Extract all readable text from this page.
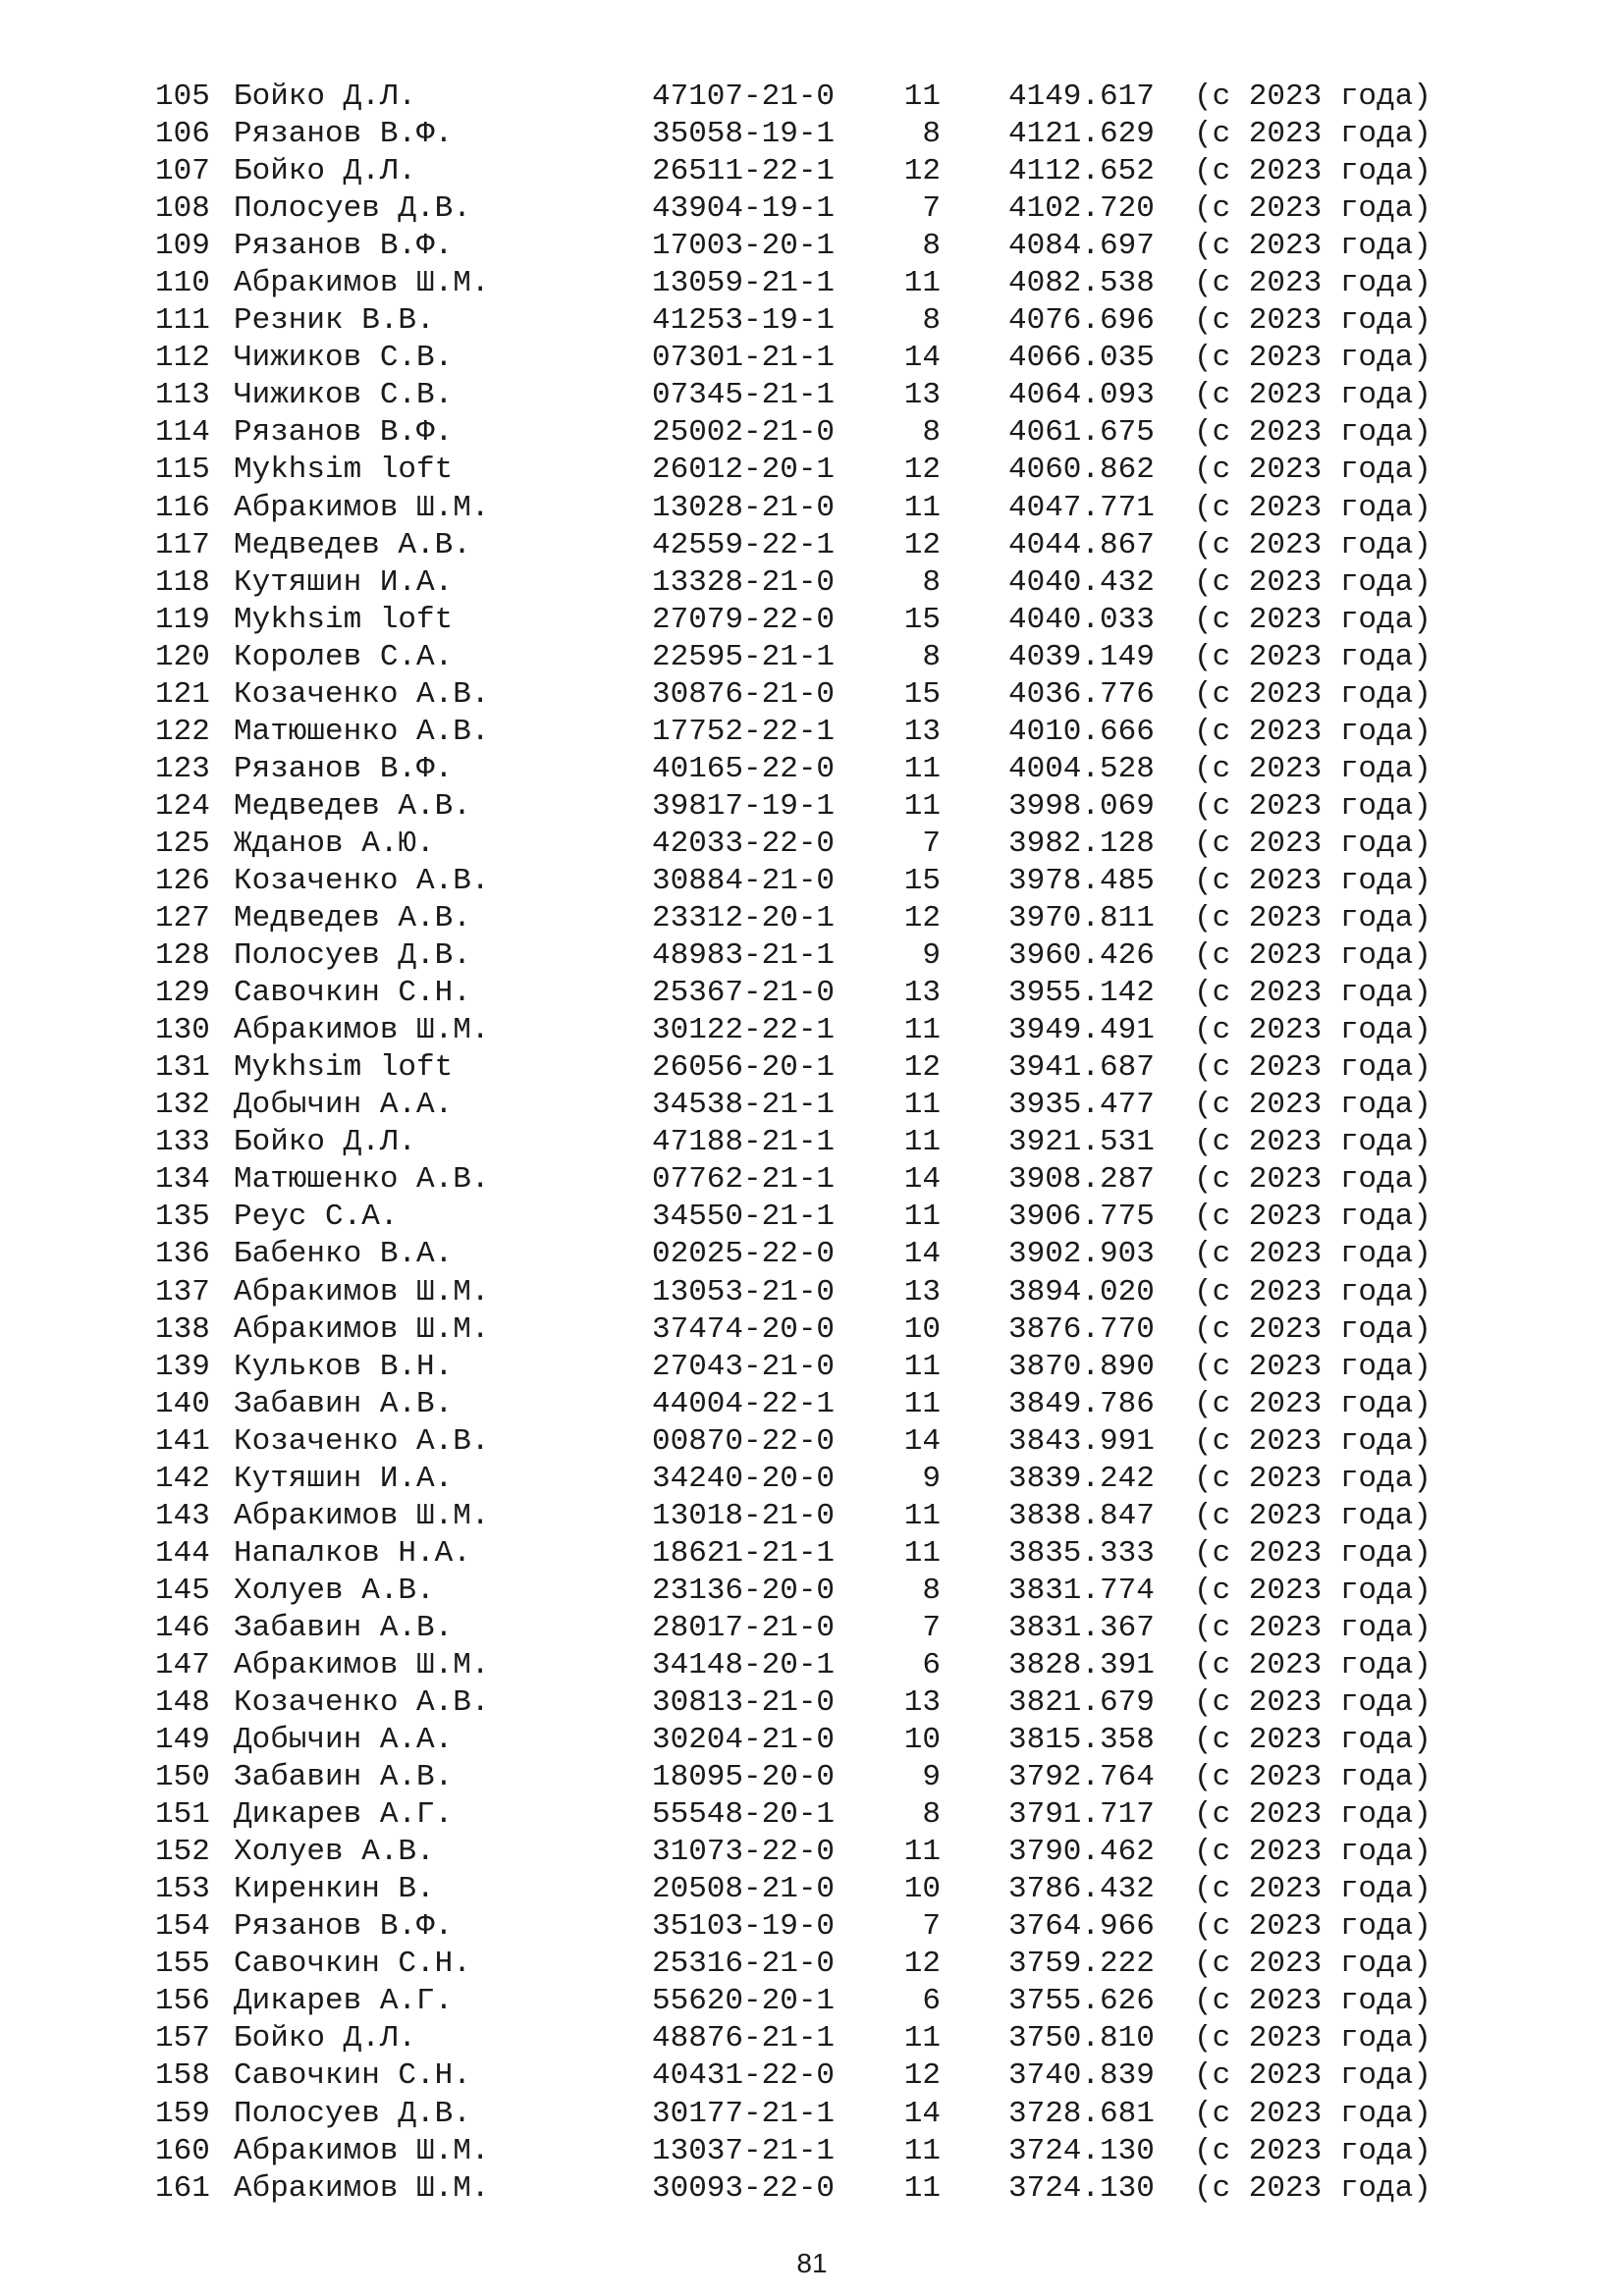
105 Бойко Д.Л.	47107-21-0	11 4149.617	(с 2023 года)
106 Рязанов В.Ф.	35058-19-1	8 4121.629	(с 2023 года)
107 Бойко Д.Л.	26511-22-1	12 4112.652	(с 2023 года)
108 Полосуев Д.В.	43904-19-1	7 4102.720	(с 2023 года)
109 Рязанов В.Ф.	17003-20-1	8 4084.697	(с 2023 года)
110 Абракимов Ш.М.	13059-21-1	11 4082.538	(с 2023 года)
111 Резник В.В.	41253-19-1	8 4076.696	(с 2023 года)
112 Чижиков С.В.	07301-21-1	14 4066.035	(с 2023 года)
113 Чижиков С.В.	07345-21-1	13 4064.093	(с 2023 года)
114 Рязанов В.Ф.	25002-21-0	8 4061.675	(с 2023 года)
115 Mykhsim loft	26012-20-1	12 4060.862	(с 2023 года)
116 Абракимов Ш.М.	13028-21-0	11 4047.771	(с 2023 года)
117 Медведев А.В.	42559-22-1	12 4044.867	(с 2023 года)
118 Кутяшин И.А.	13328-21-0	8 4040.432	(с 2023 года)
119 Mykhsim loft	27079-22-0	15 4040.033	(с 2023 года)
120 Королев С.А.	22595-21-1	8 4039.149	(с 2023 года)
121 Козаченко А.В.	30876-21-0	15 4036.776	(с 2023 года)
122 Матюшенко А.В.	17752-22-1	13 4010.666	(с 2023 года)
123 Рязанов В.Ф.	40165-22-0	11 4004.528	(с 2023 года)
124 Медведев А.В.	39817-19-1	11 3998.069	(с 2023 года)
125 Жданов А.Ю.	42033-22-0	7 3982.128	(с 2023 года)
126 Козаченко А.В.	30884-21-0	15 3978.485	(с 2023 года)
127 Медведев А.В.	23312-20-1	12 3970.811	(с 2023 года)
128 Полосуев Д.В.	48983-21-1	9 3960.426	(с 2023 года)
129 Савочкин С.Н.	25367-21-0	13 3955.142	(с 2023 года)
130 Абракимов Ш.М.	30122-22-1	11 3949.491	(с 2023 года)
131 Mykhsim loft	26056-20-1	12 3941.687	(с 2023 года)
132 Добычин А.А.	34538-21-1	11 3935.477	(с 2023 года)
133 Бойко Д.Л.	47188-21-1	11 3921.531	(с 2023 года)
134 Матюшенко А.В.	07762-21-1	14 3908.287	(с 2023 года)
135 Реус С.А.	34550-21-1	11 3906.775	(с 2023 года)
136 Бабенко В.А.	02025-22-0	14 3902.903	(с 2023 года)
137 Абракимов Ш.М.	13053-21-0	13 3894.020	(с 2023 года)
138 Абракимов Ш.М.	37474-20-0	10 3876.770	(с 2023 года)
139 Кульков В.Н.	27043-21-0	11 3870.890	(с 2023 года)
140 Забавин А.В.	44004-22-1	11 3849.786	(с 2023 года)
141 Козаченко А.В.	00870-22-0	14 3843.991	(с 2023 года)
142 Кутяшин И.А.	34240-20-0	9 3839.242	(с 2023 года)
143 Абракимов Ш.М.	13018-21-0	11 3838.847	(с 2023 года)
144 Напалков Н.А.	18621-21-1	11 3835.333	(с 2023 года)
145 Холуев А.В.	23136-20-0	8 3831.774	(с 2023 года)
146 Забавин А.В.	28017-21-0	7 3831.367	(с 2023 года)
147 Абракимов Ш.М.	34148-20-1	6 3828.391	(с 2023 года)
148 Козаченко А.В.	30813-21-0	13 3821.679	(с 2023 года)
149 Добычин А.А.	30204-21-0	10 3815.358	(с 2023 года)
150 Забавин А.В.	18095-20-0	9 3792.764	(с 2023 года)
151 Дикарев А.Г.	55548-20-1	8 3791.717	(с 2023 года)
152 Холуев А.В.	31073-22-0	11 3790.462	(с 2023 года)
153 Киренкин В.	20508-21-0	10 3786.432	(с 2023 года)
154 Рязанов В.Ф.	35103-19-0	7 3764.966	(с 2023 года)
155 Савочкин С.Н.	25316-21-0	12 3759.222	(с 2023 года)
156 Дикарев А.Г.	55620-20-1	6 3755.626	(с 2023 года)
157 Бойко Д.Л.	48876-21-1	11 3750.810	(с 2023 года)
158 Савочкин С.Н.	40431-22-0	12 3740.839	(с 2023 года)
159 Полосуев Д.В.	30177-21-1	14 3728.681	(с 2023 года)
160 Абракимов Ш.М.	13037-21-1	11 3724.130	(с 2023 года)
161 Абракимов Ш.М.	30093-22-0	11 3724.130	(с 2023 года)
81
